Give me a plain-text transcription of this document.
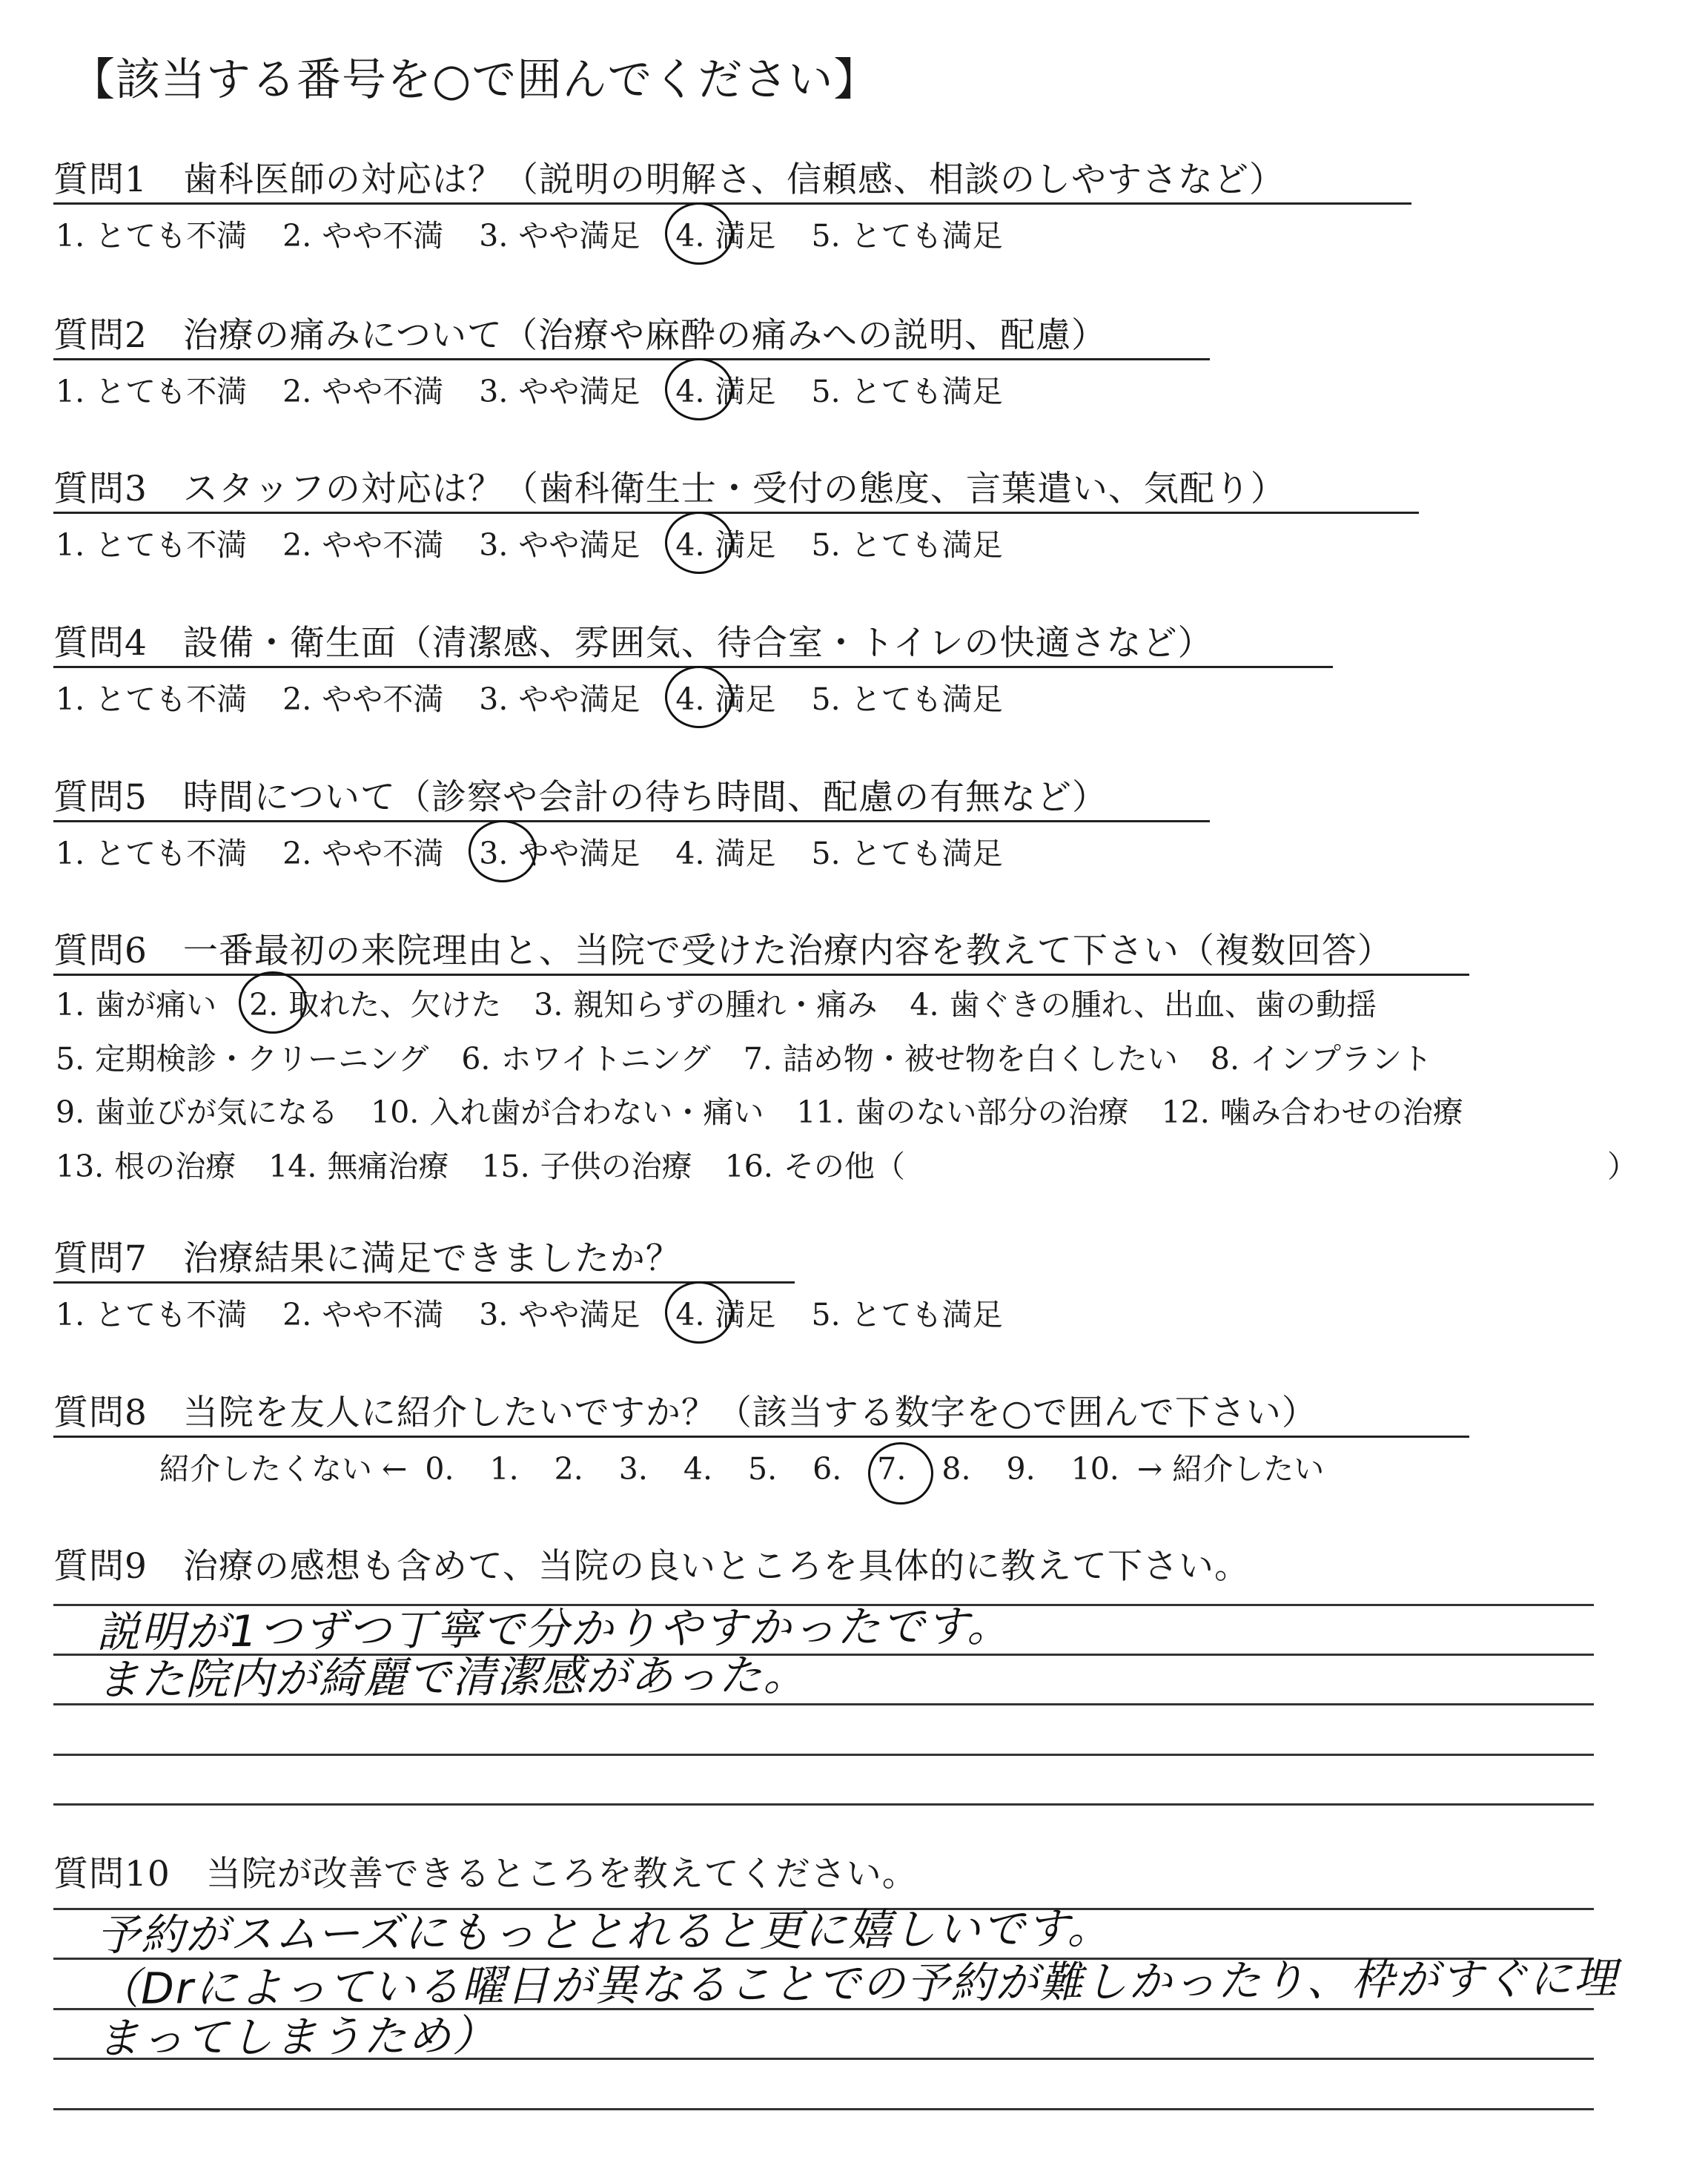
【該当する番号を○で囲んでください】
質問1 歯科医師の対応は？（説明の明解さ、信頼感、相談のしやすさなど）
1. とても不満 2. やや不満 3. やや満足 4. 満足 5. とても満足
質問2 治療の痛みについて（治療や麻酔の痛みへの説明、配慮）
1. とても不満 2. やや不満 3. やや満足 4. 満足 5. とても満足
質問3 スタッフの対応は？（歯科衛生士・受付の態度、言葉遣い、気配り）
1. とても不満 2. やや不満 3. やや満足 4. 満足 5. とても満足
質問4 設備・衛生面（清潔感、雰囲気、待合室・トイレの快適さなど）
1. とても不満 2. やや不満 3. やや満足 4. 満足 5. とても満足
質問5 時間について（診察や会計の待ち時間、配慮の有無など）
1. とても不満 2. やや不満 3. やや満足 4. 満足 5. とても満足
質問6 一番最初の来院理由と、当院で受けた治療内容を教えて下さい（複数回答）
1. 歯が痛い 2. 取れた、欠けた 3. 親知らずの腫れ・痛み 4. 歯ぐきの腫れ、出血、歯の動揺
5. 定期検診・クリーニング 6. ホワイトニング 7. 詰め物・被せ物を白くしたい 8. インプラント
9. 歯並びが気になる 10. 入れ歯が合わない・痛い 11. 歯のない部分の治療 12. 噛み合わせの治療
13. 根の治療 14. 無痛治療 15. 子供の治療 16. その他（	）
質問7 治療結果に満足できましたか？
1. とても不満 2. やや不満 3. やや満足 4. 満足 5. とても満足
質問8 当院を友人に紹介したいですか？（該当する数字を○で囲んで下さい）
紹介したくない ← 0. 1. 2. 3. 4. 5. 6. 7. 8. 9. 10. → 紹介したい
質問9 治療の感想も含めて、当院の良いところを具体的に教えて下さい。
説明が1つずつ丁寧で分かりやすかったです。
また院内が綺麗で清潔感があった。
質問10 当院が改善できるところを教えてください。
予約がスムーズにもっととれると更に嬉しいです。
（Drによっている曜日が異なることでの予約が難しかったり、枠がすぐに埋
まってしまうため）
